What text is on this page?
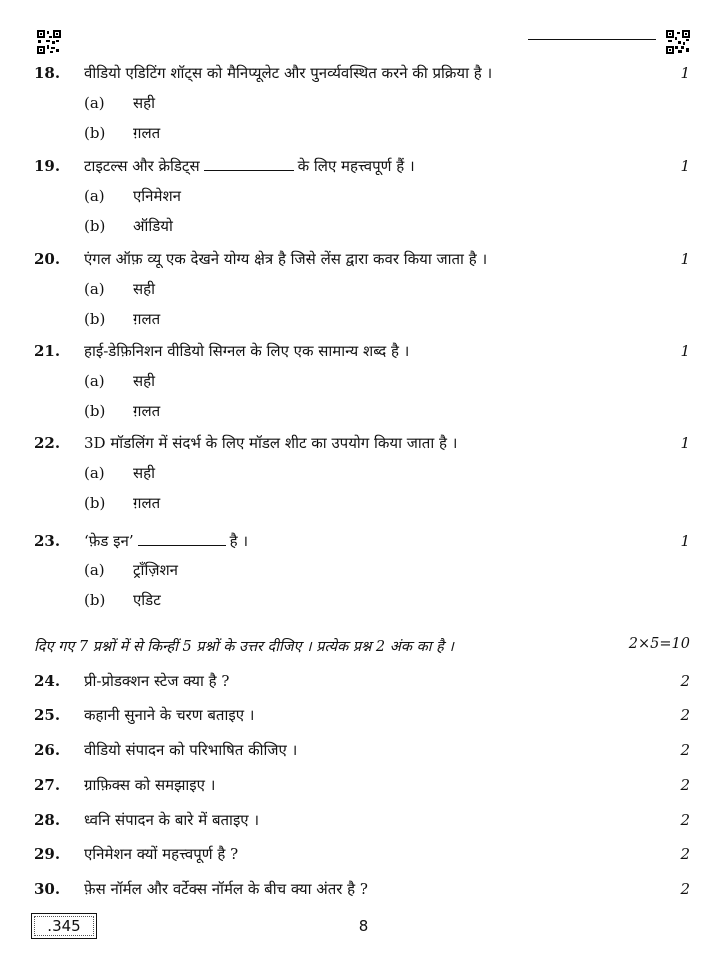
18. वीडियो एडिटिंग शॉट्स को मैनिप्यूलेट और पुनर्व्यवस्थित करने की प्रक्रिया है ।	1
(a) सही
(b) ग़लत
19. टाइटल्स और क्रेडिट्स	के लिए महत्त्वपूर्ण हैं ।	1
(a) एनिमेशन
(b) ऑडियो
20. एंगल ऑफ़ व्यू एक देखने योग्य क्षेत्र है जिसे लेंस द्वारा कवर किया जाता है ।	1
(a) सही
(b) ग़लत
21. हाई-डेफ़िनिशन वीडियो सिग्नल के लिए एक सामान्य शब्द है ।	1
(a) सही
(b) ग़लत
22. 3D मॉडलिंग में संदर्भ के लिए मॉडल शीट का उपयोग किया जाता है ।	1
(a) सही
(b) ग़लत
23. ‘फ़ेड इन’	है ।	1
(a) ट्राँज़िशन
(b) एडिट
दिए गए 7 प्रश्नों में से किन्हीं 5 प्रश्नों के उत्तर दीजिए । प्रत्येक प्रश्न 2 अंक का है ।	2×5=10
24. प्री-प्रोडक्शन स्टेज क्या है ?	2
25. कहानी सुनाने के चरण बताइए ।	2
26. वीडियो संपादन को परिभाषित कीजिए ।	2
27. ग्राफ़िक्स को समझाइए ।	2
28. ध्वनि संपादन के बारे में बताइए ।	2
29. एनिमेशन क्यों महत्त्वपूर्ण है ?	2
30. फ़ेस नॉर्मल और वर्टेक्स नॉर्मल के बीच क्या अंतर है ?	2
.345	8
